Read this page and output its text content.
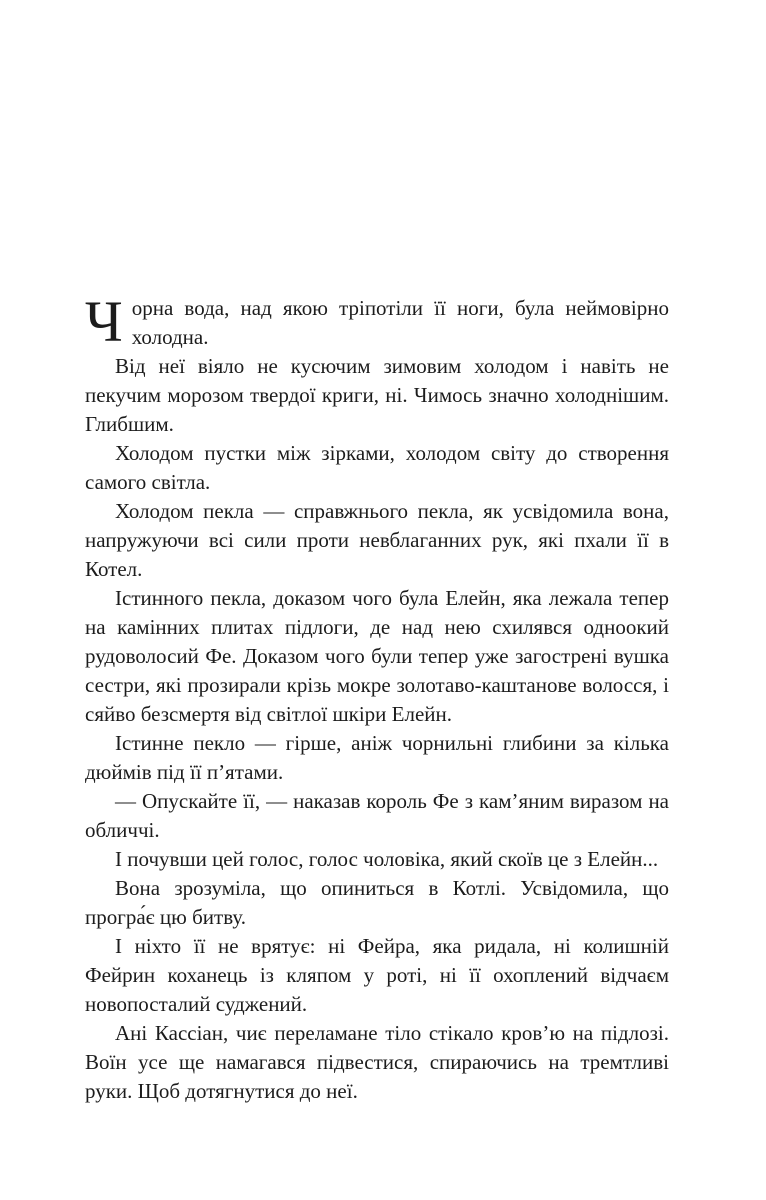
Чорна вода, над якою тріпотіли її ноги, була неймовірно холодна.

Від неї віяло не кусючим зимовим холодом і навіть не пекучим морозом твердої криги, ні. Чимось значно холоднішим. Глибшим.

Холодом пустки між зірками, холодом світу до створення самого світла.

Холодом пекла — справжнього пекла, як усвідомила вона, напружуючи всі сили проти невблаганних рук, які пхали її в Котел.

Істинного пекла, доказом чого була Елейн, яка лежала тепер на камінних плитах підлоги, де над нею схилявся одноокий рудоволосий Фе. Доказом чого були тепер уже загострені вушка сестри, які прозирали крізь мокре золотаво-каштанове волосся, і сяйво безсмертя від світлої шкіри Елейн.

Істинне пекло — гірше, аніж чорнильні глибини за кілька дюймів під її п’ятами.

— Опускайте її, — наказав король Фе з кам’яним виразом на обличчі.

І почувши цей голос, голос чоловіка, який скоїв це з Елейн...

Вона зрозуміла, що опиниться в Котлі. Усвідомила, що програ́є цю битву.

І ніхто її не врятує: ні Фейра, яка ридала, ні колишній Фейрин коханець із кляпом у роті, ні її охоплений відчаєм новопосталий суджений.

Ані Кассіан, чиє переламане тіло стікало кров’ю на підлозі. Воїн усе ще намагався підвестися, спираючись на тремтливі руки. Щоб дотягнутися до неї.
